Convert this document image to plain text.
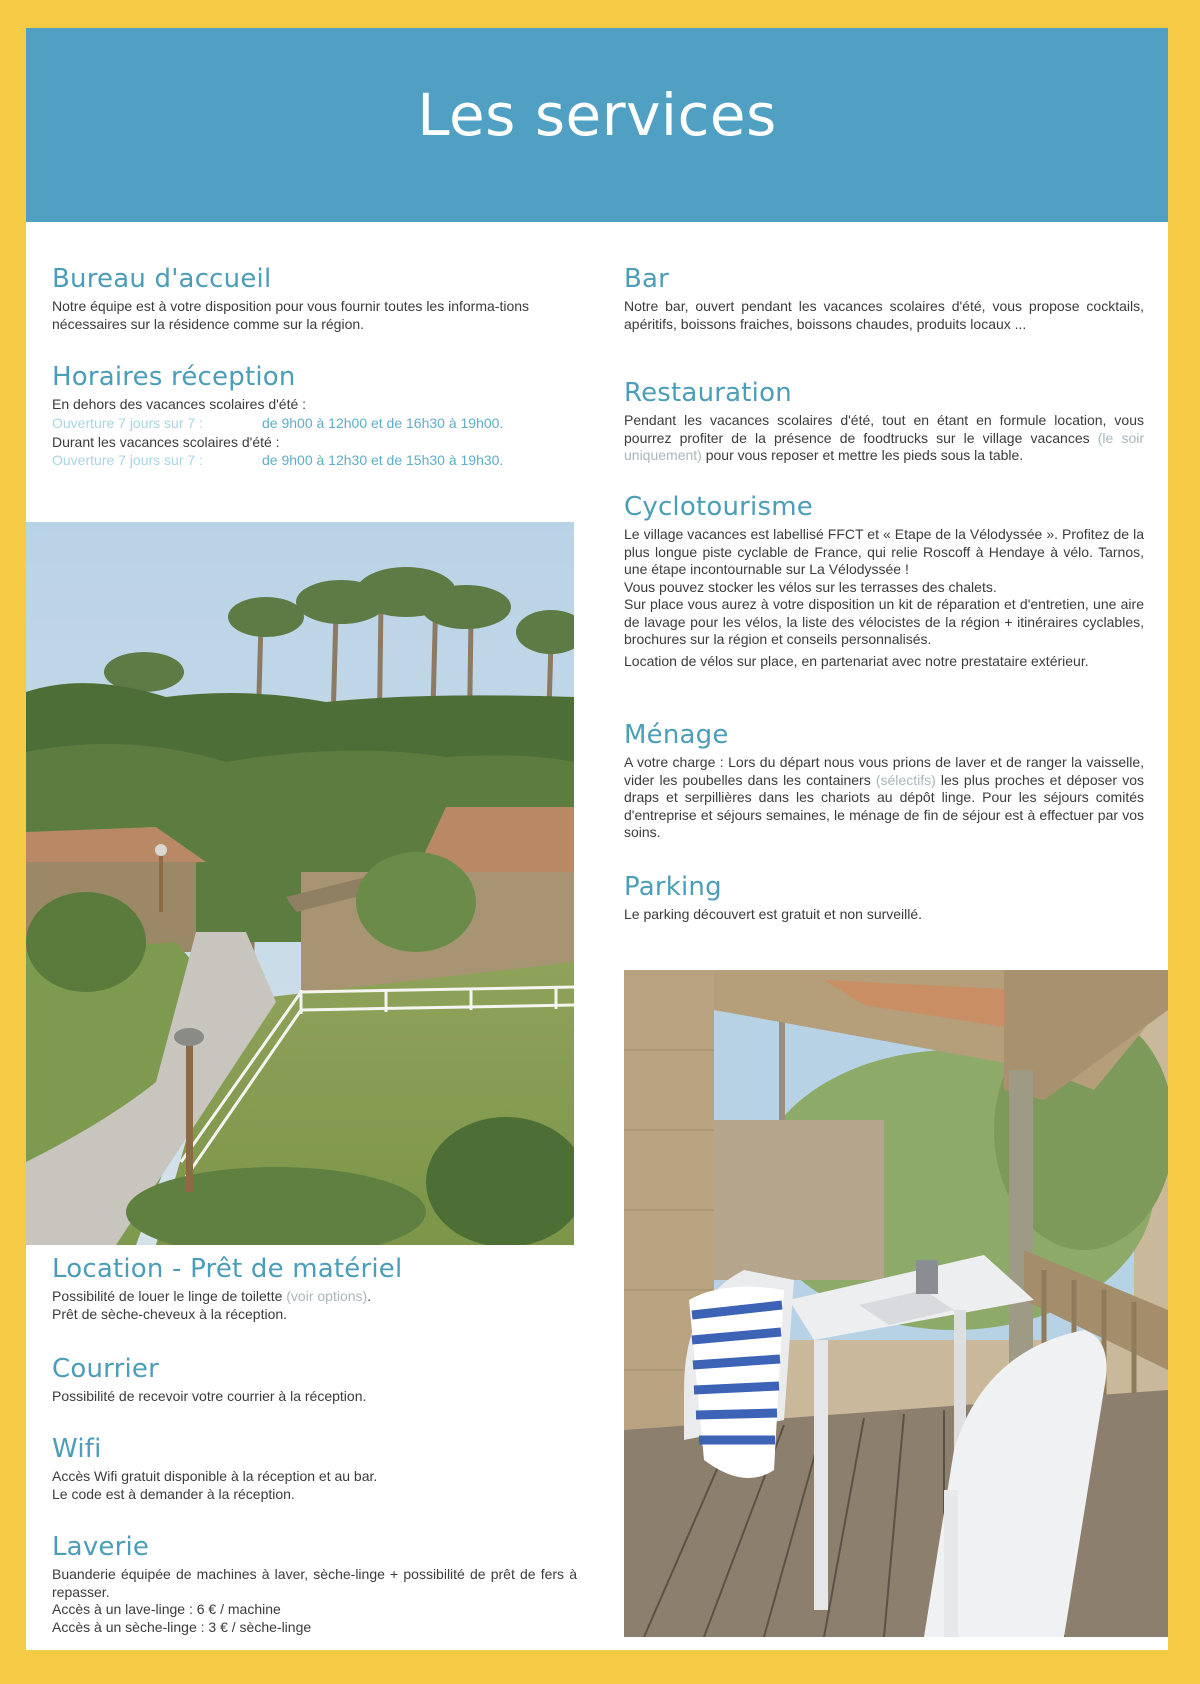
Les services
Bureau d'accueil

Notre équipe est à votre disposition pour vous fournir toutes les informa-tions nécessaires sur la résidence comme sur la région.

Horaires réception

En dehors des vacances scolaires d'été :

Ouverture 7 jours sur 7 :	de 9h00 à 12h00 et de 16h30 à 19h00.

Durant les vacances scolaires d'été :

Ouverture 7 jours sur 7 :	de 9h00 à 12h30 et de 15h30 à 19h30.
Location - Prêt de matériel

Possibilité de louer le linge de toilette (voir options).

Prêt de sèche-cheveux à la réception.

Courrier

Possibilité de recevoir votre courrier à la réception.

Wifi

Accès Wifi gratuit disponible à la réception et au bar.

Le code est à demander à la réception.

Laverie

Buanderie équipée de machines à laver, sèche-linge + possibilité de prêt de fers à repasser.

Accès à un lave-linge : 6 € / machine

Accès à un sèche-linge : 3 € / sèche-linge

Bar

Notre bar, ouvert pendant les vacances scolaires d'été, vous propose cocktails, apéritifs, boissons fraiches, boissons chaudes, produits locaux ...

Restauration

Pendant les vacances scolaires d'été, tout en étant en formule location, vous pourrez profiter de la présence de foodtrucks sur le village vacances (le soir uniquement) pour vous reposer et mettre les pieds sous la table.

Cyclotourisme

Le village vacances est labellisé FFCT et « Etape de la Vélodyssée ». Profitez de la plus longue piste cyclable de France, qui relie Roscoff à Hendaye à vélo. Tarnos, une étape incontournable sur La Vélodyssée !

Vous pouvez stocker les vélos sur les terrasses des chalets.

Sur place vous aurez à votre disposition un kit de réparation et d'entretien, une aire de lavage pour les vélos, la liste des vélocistes de la région + itinéraires cyclables, brochures sur la région et conseils personnalisés.

Location de vélos sur place, en partenariat avec notre prestataire extérieur.

Ménage

A votre charge : Lors du départ nous vous prions de laver et de ranger la vaisselle, vider les poubelles dans les containers (sélectifs) les plus proches et déposer vos draps et serpillières dans les chariots au dépôt linge. Pour les séjours comités d'entreprise et séjours semaines, le ménage de fin de séjour est à effectuer par vos soins.

Parking

Le parking découvert est gratuit et non surveillé.
